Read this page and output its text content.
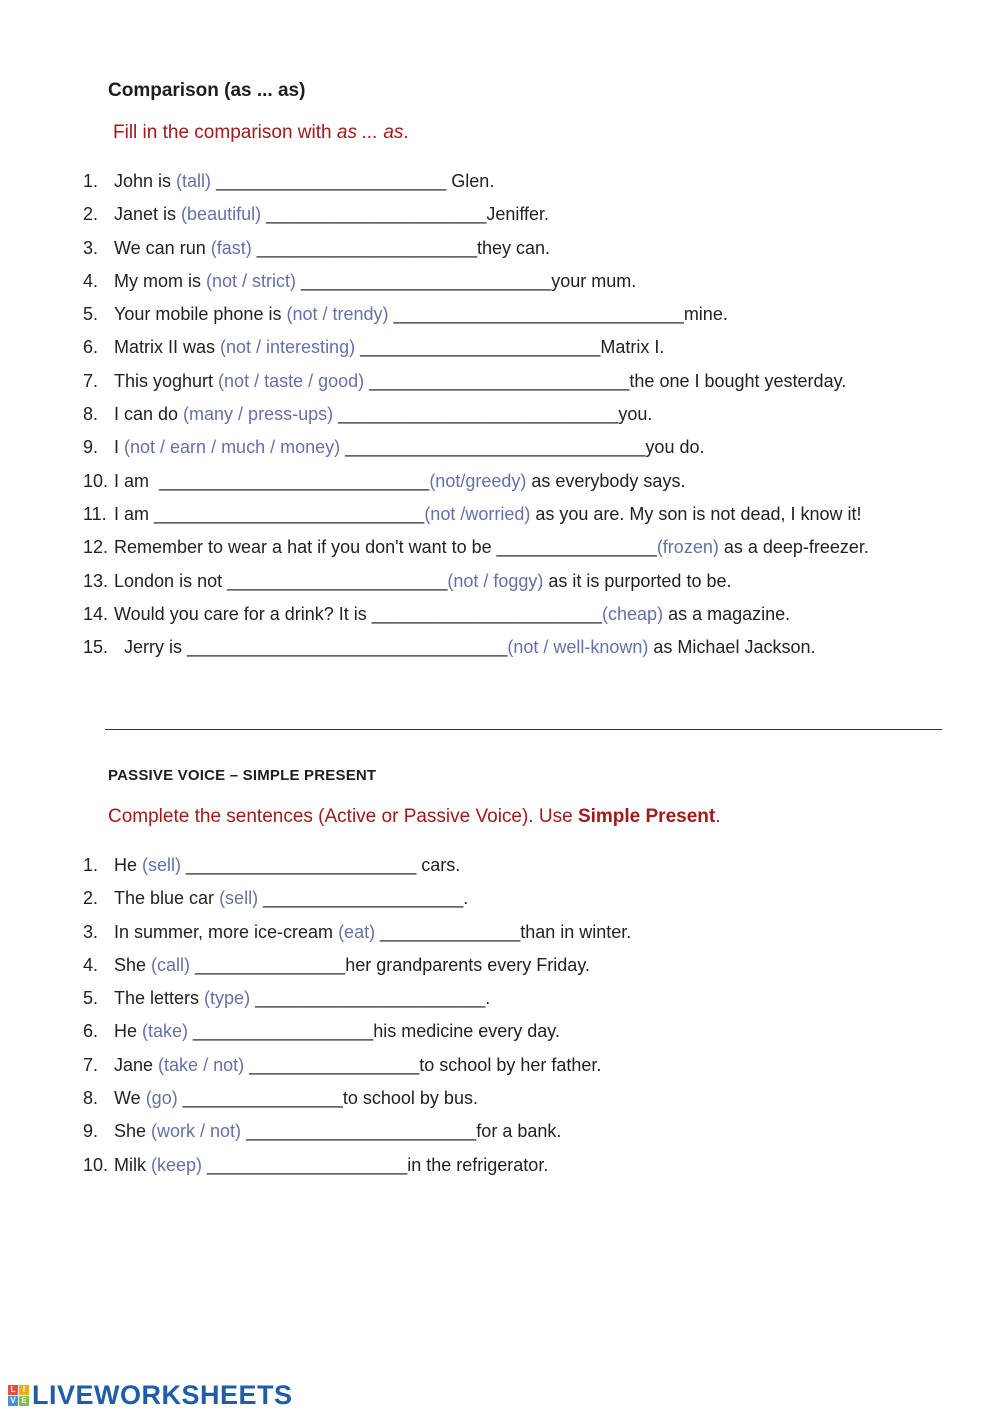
Comparison (as ... as)
Fill in the comparison with as ... as.
1. John is (tall) _______________________ Glen.
2. Janet is (beautiful) ______________________Jeniffer.
3. We can run (fast) ______________________they can.
4. My mom is (not / strict) _________________________your mum.
5. Your mobile phone is (not / trendy) _____________________________mine.
6. Matrix II was (not / interesting) ________________________Matrix I.
7. This yoghurt (not / taste / good) __________________________the one I bought yesterday.
8. I can do (many / press-ups) ____________________________you.
9. I (not / earn / much / money) ______________________________you do.
10. I am  ___________________________ (not/greedy) as everybody says.
11. I am ___________________________ (not /worried) as you are. My son is not dead, I know it!
12. Remember to wear a hat if you don't want to be ________________ (frozen) as a deep-freezer.
13. London is not ______________________ (not / foggy) as it is purported to be.
14. Would you care for a drink? It is _______________________ (cheap) as a magazine.
15. Jerry is ________________________________ (not / well-known) as Michael Jackson.
PASSIVE VOICE – SIMPLE PRESENT
Complete the sentences (Active or Passive Voice). Use Simple Present.
1. He (sell) _______________________ cars.
2. The blue car (sell) ____________________.
3. In summer, more ice-cream (eat) ______________than in winter.
4. She (call) _______________her grandparents every Friday.
5. The letters (type) _______________________.
6. He (take) __________________his medicine every day.
7. Jane (take / not) _________________to school by her father.
8. We (go) ________________to school by bus.
9. She (work / not) _______________________for a bank.
10. Milk (keep) ____________________in the refrigerator.
L I
V E LIVEWORKSHEETS
